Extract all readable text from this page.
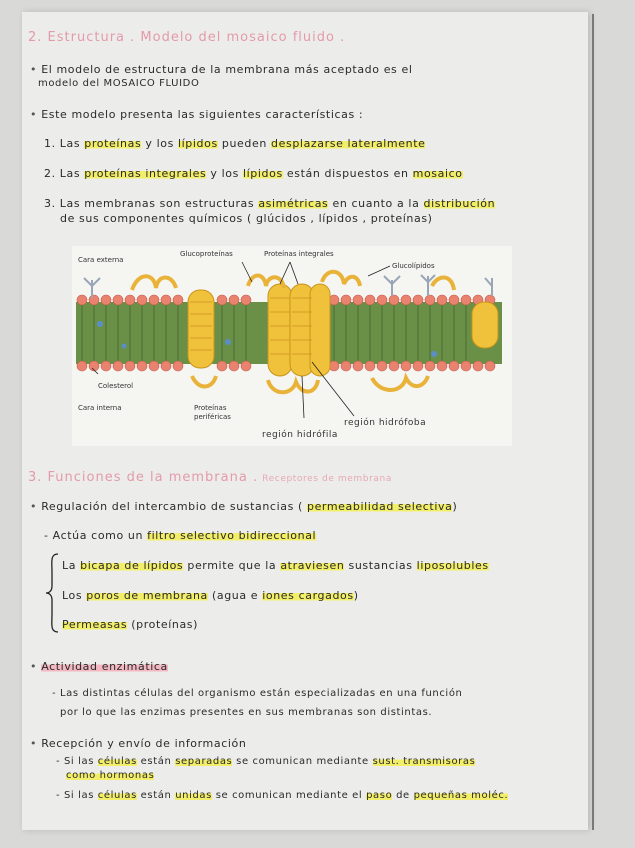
2. Estructura . Modelo del mosaico fluido .
• El modelo de estructura de la membrana más aceptado es el
modelo del MOSAICO FLUIDO
• Este modelo presenta las siguientes características :
1. Las proteínas y los lípidos pueden desplazarse lateralmente
2. Las proteínas integrales y los lípidos están dispuestos en mosaico
3. Las membranas son estructuras asimétricas en cuanto a la distribución
de sus componentes químicos ( glúcidos , lípidos , proteínas)
Cara externa
Glucoproteínas	Proteínas integrales
Glucolípidos
Colesterol
Cara interna	Proteínas
periféricas
región hidrófoba
región hidrófila
3. Funciones de la membrana . Receptores de membrana
• Regulación del intercambio de sustancias ( permeabilidad selectiva)
- Actúa como un filtro selectivo bidireccional
La bicapa de lípidos permite que la atraviesen sustancias liposolubles
Los poros de membrana (agua e iones cargados)
Permeasas (proteínas)
• Actividad enzimática
- Las distintas células del organismo están especializadas en una función
por lo que las enzimas presentes en sus membranas son distintas.
• Recepción y envío de información
- Si las células están separadas se comunican mediante sust. transmisoras
como hormonas
- Si las células están unidas se comunican mediante el paso de pequeñas moléc.
